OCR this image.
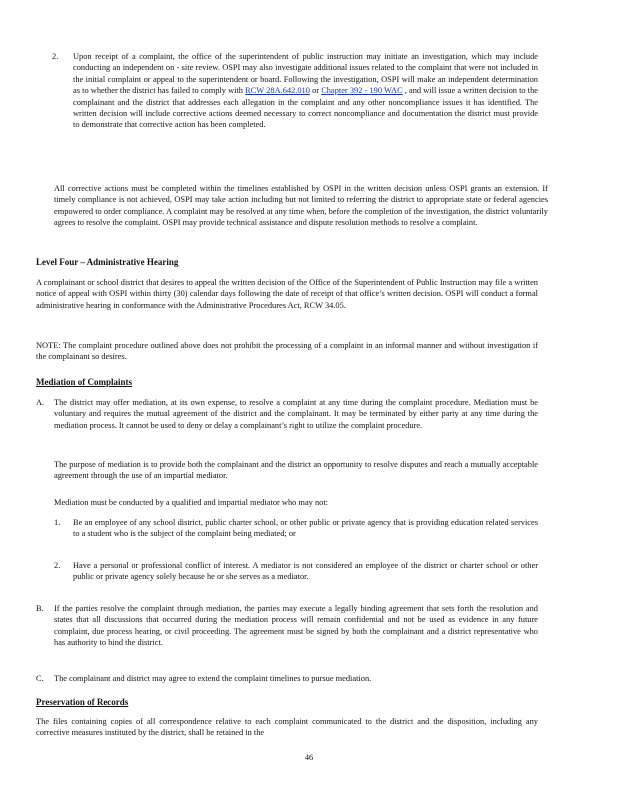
2. Upon receipt of a complaint, the office of the superintendent of public instruction may initiate an investigation, which may include conducting an independent on - site review. OSPI may also investigate additional issues related to the complaint that were not included in the initial complaint or appeal to the superintendent or board. Following the investigation, OSPI will make an independent determination as to whether the district has failed to comply with RCW 28A.642.010 or Chapter 392 - 190 WAC , and will issue a written decision to the complainant and the district that addresses each allegation in the complaint and any other noncompliance issues it has identified. The written decision will include corrective actions deemed necessary to correct noncompliance and documentation the district must provide to demonstrate that corrective action has been completed.
All corrective actions must be completed within the timelines established by OSPI in the written decision unless OSPI grants an extension. If timely compliance is not achieved, OSPI may take action including but not limited to referring the district to appropriate state or federal agencies empowered to order compliance. A complaint may be resolved at any time when, before the completion of the investigation, the district voluntarily agrees to resolve the complaint. OSPI may provide technical assistance and dispute resolution methods to resolve a complaint.
Level Four – Administrative Hearing
A complainant or school district that desires to appeal the written decision of the Office of the Superintendent of Public Instruction may file a written notice of appeal with OSPI within thirty (30) calendar days following the date of receipt of that office’s written decision. OSPI will conduct a formal administrative hearing in conformance with the Administrative Procedures Act, RCW 34.05.
NOTE: The complaint procedure outlined above does not prohibit the processing of a complaint in an informal manner and without investigation if the complainant so desires.
Mediation of Complaints
A. The district may offer mediation, at its own expense, to resolve a complaint at any time during the complaint procedure. Mediation must be voluntary and requires the mutual agreement of the district and the complainant. It may be terminated by either party at any time during the mediation process. It cannot be used to deny or delay a complainant’s right to utilize the complaint procedure.
The purpose of mediation is to provide both the complainant and the district an opportunity to resolve disputes and reach a mutually acceptable agreement through the use of an impartial mediator.
Mediation must be conducted by a qualified and impartial mediator who may not:
1. Be an employee of any school district, public charter school, or other public or private agency that is providing education related services to a student who is the subject of the complaint being mediated; or
2. Have a personal or professional conflict of interest. A mediator is not considered an employee of the district or charter school or other public or private agency solely because he or she serves as a mediator.
B. If the parties resolve the complaint through mediation, the parties may execute a legally binding agreement that sets forth the resolution and states that all discussions that occurred during the mediation process will remain confidential and not be used as evidence in any future complaint, due process hearing, or civil proceeding. The agreement must be signed by both the complainant and a district representative who has authority to bind the district.
C. The complainant and district may agree to extend the complaint timelines to pursue mediation.
Preservation of Records
The files containing copies of all correspondence relative to each complaint communicated to the district and the disposition, including any corrective measures instituted by the district, shall be retained in the
46
